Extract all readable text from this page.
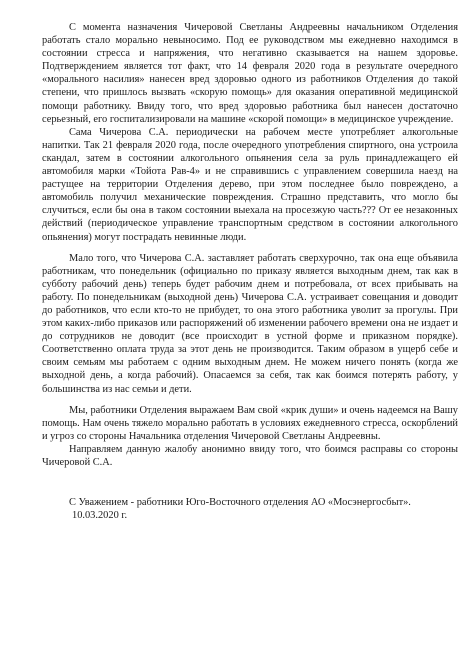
С момента назначения Чичеровой Светланы Андреевны начальником Отделения работать стало морально невыносимо. Под ее руководством мы ежедневно находимся в состоянии стресса и напряжения, что негативно сказывается на нашем здоровье. Подтверждением является тот факт, что 14 февраля 2020 года в результате очередного «морального насилия» нанесен вред здоровью одного из работников Отделения до такой степени, что пришлось вызвать «скорую помощь» для оказания оперативной медицинской помощи работнику. Ввиду того, что вред здоровью работника был нанесен достаточно серьезный, его госпитализировали на машине «скорой помощи» в медицинское учреждение.

Сама Чичерова С.А. периодически на рабочем месте употребляет алкогольные напитки. Так 21 февраля 2020 года, после очередного употребления спиртного, она устроила скандал, затем в состоянии алкогольного опьянения села за руль принадлежащего ей автомобиля марки «Тойота Рав-4» и не справившись с управлением совершила наезд на растущее на территории Отделения дерево, при этом последнее было повреждено, а автомобиль получил механические повреждения. Страшно представить, что могло бы случиться, если бы она в таком состоянии выехала на просезжую часть??? От ее незаконных действий (периодическое управление транспортным средством в состоянии алкогольного опьянения) могут пострадать невинные люди.

Мало того, что Чичерова С.А. заставляет работать сверхурочно, так она еще объявила работникам, что понедельник (официально по приказу является выходным днем, так как в субботу рабочий день) теперь будет рабочим днем и потребовала, от всех прибывать на работу. По понедельникам (выходной день) Чичерова С.А. устраивает совещания и доводит до работников, что если кто-то не прибудет, то она этого работника уволит за прогулы. При этом каких-либо приказов или распоряжений об изменении рабочего времени она не издает и до сотрудников не доводит (все происходит в устной форме и приказном порядке). Соответственно оплата труда за этот день не производится. Таким образом в ущерб себе и своим семьям мы работаем с одним выходным днем. Не можем ничего понять (когда же выходной день, а когда рабочий). Опасаемся за себя, так как боимся потерять работу, у большинства из нас семьи и дети.

Мы, работники Отделения выражаем Вам свой «крик души» и очень надеемся на Вашу помощь. Нам очень тяжело морально работать в условиях ежедневного стресса, оскорблений и угроз со стороны Начальника отделения Чичеровой Светланы Андреевны.

Направляем данную жалобу анонимно ввиду того, что боимся расправы со стороны Чичеровой С.А.

С Уважением - работники Юго-Восточного отделения АО «Мосэнергосбыт».

10.03.2020 г.
